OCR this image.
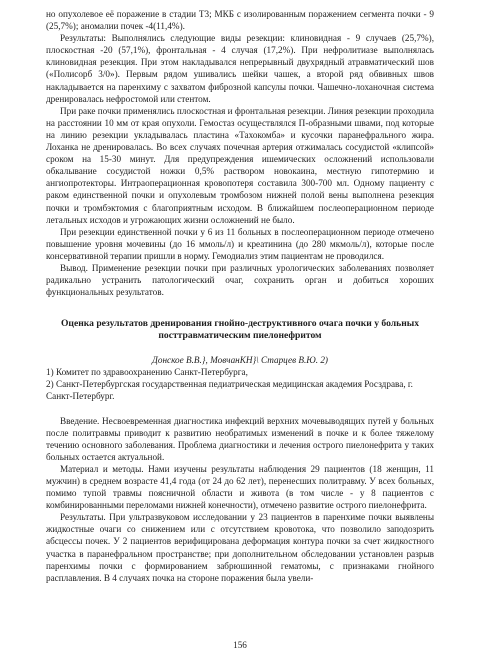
но опухолевое её поражение в стадии Т3; МКБ с изолированным поражением сегмента почки - 9 (25,7%); аномалии почек -4(11,4%).

Результаты: Выполнялись следующие виды резекции: клиновидная - 9 случаев (25,7%), плоскостная -20 (57,1%), фронтальная - 4 случая (17,2%). При нефролитиазе выполнялась клиновидная резекция. При этом накладывался непрерывный двухрядный атравматический шов («Полисорб 3/0»). Первым рядом ушивались шейки чашек, а второй ряд обвивных швов накладывается на паренхиму с захватом фиброзной капсулы почки. Чашечно-лоханочная система дренировалась нефростомой или стентом.

При раке почки применялись плоскостная и фронтальная резекции. Линия резекции проходила на расстоянии 10 мм от края опухоли. Гемостаз осуществлялся П-образными швами, под которые на линию резекции укладывалась пластина «Тахокомба» и кусочки паранефрального жира. Лоханка не дренировалась. Во всех случаях почечная артерия отжималась сосудистой «клипсой» сроком на 15-30 минут. Для предупреждения ишемических осложнений использовали обкалывание сосудистой ножки 0,5% раствором новокаина, местную гипотермию и ангиопротекторы. Интраоперационная кровопотеря составила 300-700 мл. Одному пациенту с раком единственной почки и опухолевым тромбозом нижней полой вены выполнена резекция почки и тромбэктомия с благоприятным исходом. В ближайшем послеоперационном периоде летальных исходов и угрожающих жизни осложнений не было.

При резекции единственной почки у 6 из 11 больных в послеоперационном периоде отмечено повышение уровня мочевины (до 16 ммоль/л) и креатинина (до 280 мкмоль/л), которые после консервативной терапии пришли в норму. Гемодиализ этим пациентам не проводился.

Вывод. Применение резекции почки при различных урологических заболеваниях позволяет радикально устранить патологический очаг, сохранить орган и добиться хороших функциональных результатов.

Оценка результатов дренирования гнойно-деструктивного очага почки у больных
посттравматическим пиелонефритом
Донское В.В.}, МовчанКН}\ Старцев В.Ю. 2)

1) Комитет по здравоохранению Санкт-Петербурга,

2) Санкт-Петербургская государственная педиатрическая медицинская академия Росздрава, г. Санкт-Петербург.

Введение. Несвоевременная диагностика инфекций верхних мочевыводящих путей у больных после политравмы приводит к развитию необратимых изменений в почке и к более тяжелому течению основного заболевания. Проблема диагностики и лечения острого пиелонефрита у таких больных остается актуальной.

Материал и методы. Нами изучены результаты наблюдения 29 пациентов (18 женщин, 11 мужчин) в среднем возрасте 41,4 года (от 24 до 62 лет), перенесших политравму. У всех больных, помимо тупой травмы поясничной области и живота (в том числе - у 8 пациентов с комбинированными переломами нижней конечности), отмечено развитие острого пиелонефрита.

Результаты. При ультразвуковом исследовании у 23 пациентов в паренхиме почки выявлены жидкостные очаги со снижением или с отсутствием кровотока, что позволило заподозрить абсцессы почек. У 2 пациентов верифицирована деформация контура почки за счет жидкостного участка в паранефральном пространстве; при дополнительном обследовании установлен разрыв паренхимы почки с формированием забрюшинной гематомы, с признаками гнойного расплавления. В 4 случаях почка на стороне поражения была увели-

156
